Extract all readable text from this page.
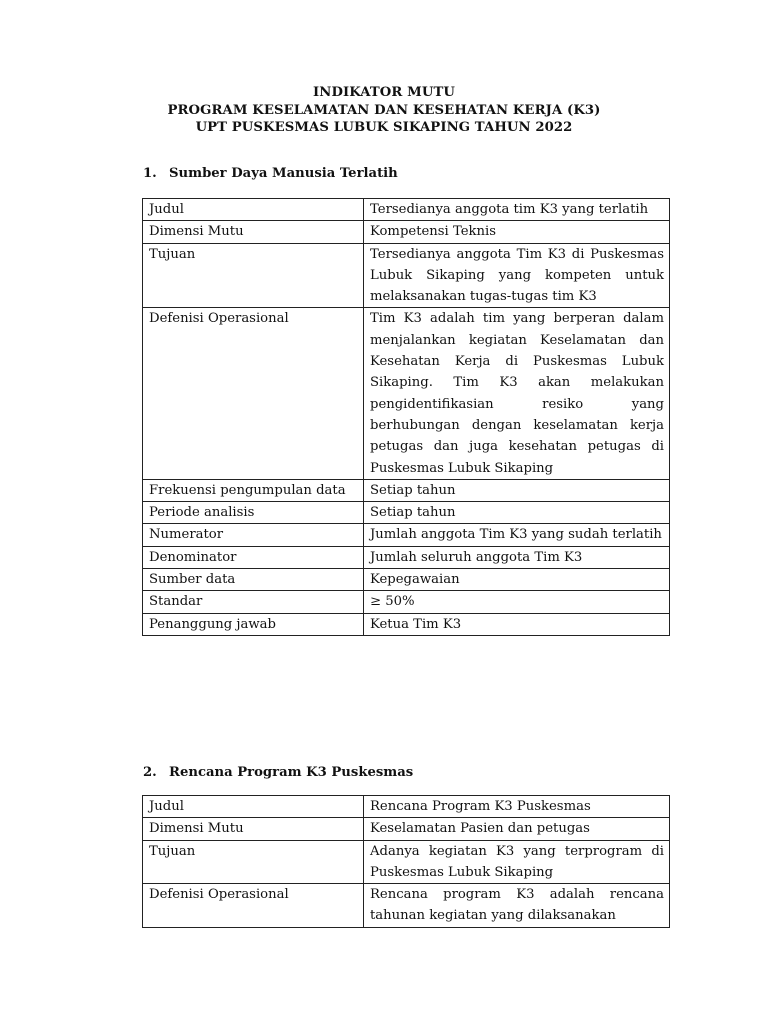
INDIKATOR MUTU
PROGRAM KESELAMATAN DAN KESEHATAN KERJA (K3)
UPT PUSKESMAS LUBUK SIKAPING TAHUN 2022
1. Sumber Daya Manusia Terlatih
Judul	Tersedianya anggota tim K3 yang terlatih
Dimensi Mutu	Kompetensi Teknis
Tujuan	Tersedianya anggota Tim K3 di Puskesmas Lubuk Sikaping yang kompeten untuk melaksanakan tugas-tugas tim K3
Defenisi Operasional	Tim K3 adalah tim yang berperan dalam menjalankan kegiatan Keselamatan dan Kesehatan Kerja di Puskesmas Lubuk Sikaping. Tim K3 akan melakukan pengidentifikasian resiko yang berhubungan dengan keselamatan kerja petugas dan juga kesehatan petugas di Puskesmas Lubuk Sikaping
Frekuensi pengumpulan data	Setiap tahun
Periode analisis	Setiap tahun
Numerator	Jumlah anggota Tim K3 yang sudah terlatih
Denominator	Jumlah seluruh anggota Tim K3
Sumber data	Kepegawaian
Standar	≥ 50%
Penanggung jawab	Ketua Tim K3
2. Rencana Program K3 Puskesmas
Judul	Rencana Program K3 Puskesmas
Dimensi Mutu	Keselamatan Pasien dan petugas
Tujuan	Adanya kegiatan K3 yang terprogram di Puskesmas Lubuk Sikaping
Defenisi Operasional	Rencana program K3 adalah rencana tahunan kegiatan yang dilaksanakan
